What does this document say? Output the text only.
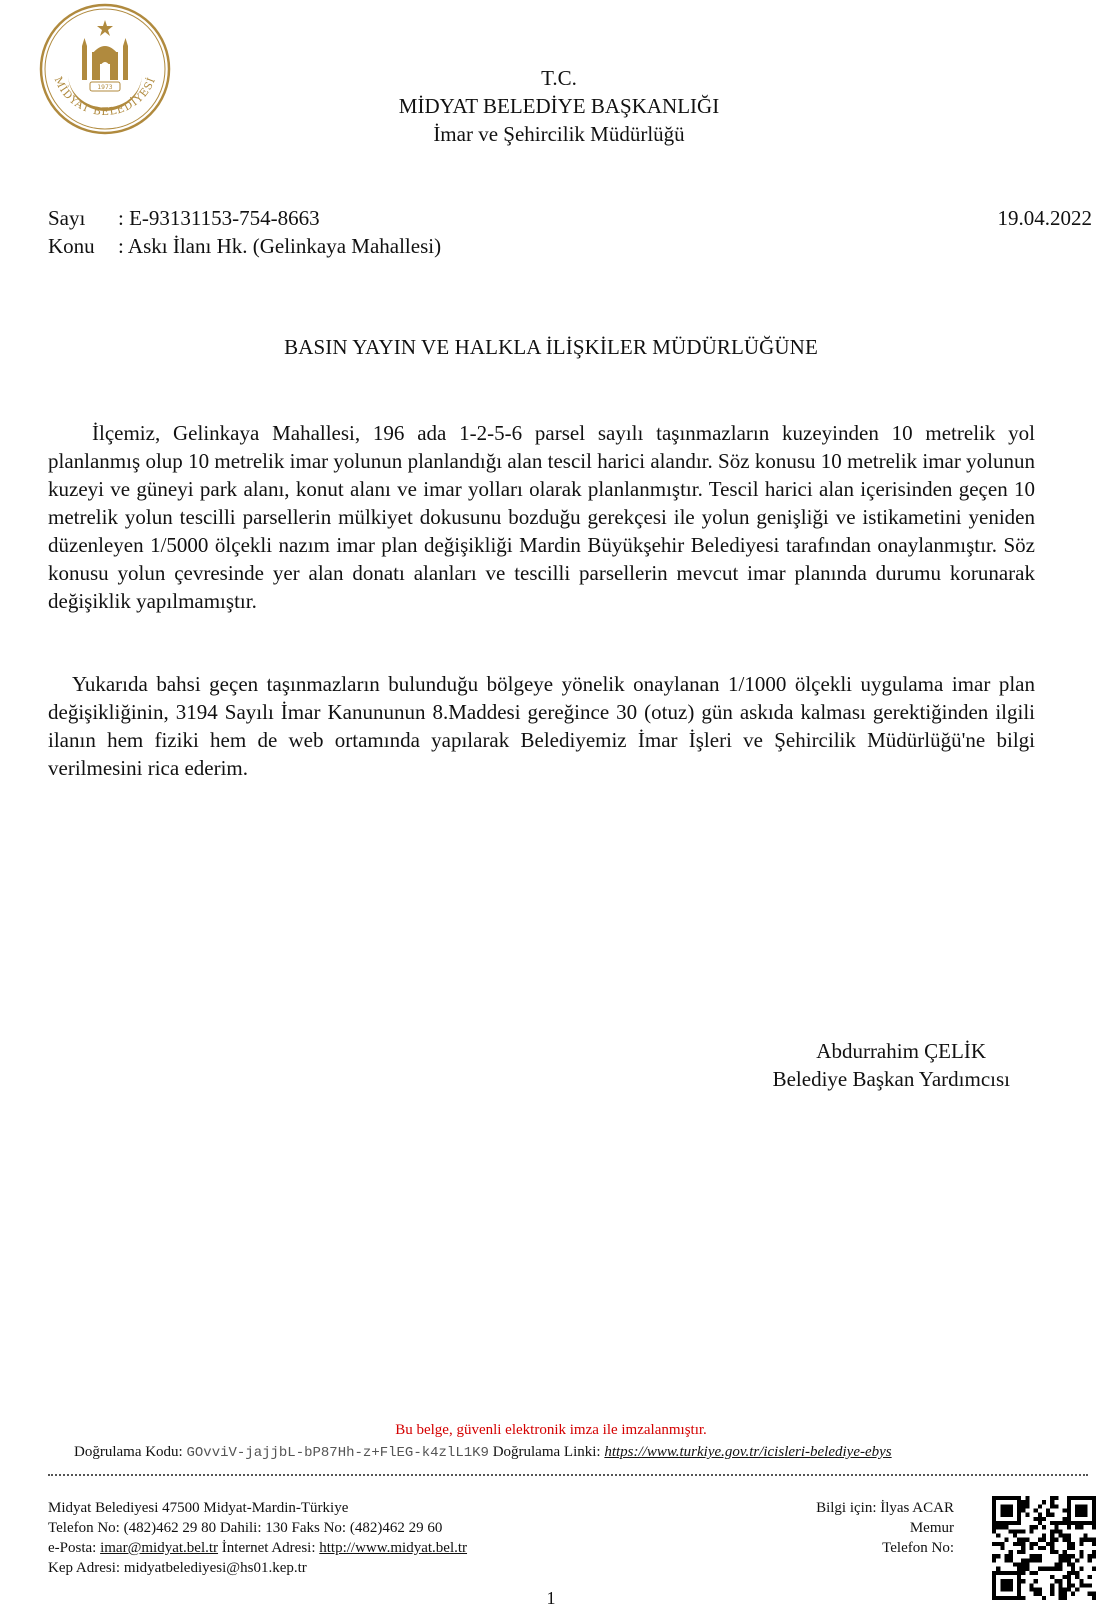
1973
MİDYAT BELEDİYESİ	T.C.
MİDYAT BELEDİYE BAŞKANLIĞI
İmar ve Şehircilik Müdürlüğü
Sayı : E-93131153-754-8663
Konu : Askı İlanı Hk. (Gelinkaya Mahallesi)
19.04.2022
BASIN YAYIN VE HALKLA İLİŞKİLER MÜDÜRLÜĞÜNE
İlçemiz, Gelinkaya Mahallesi, 196 ada 1-2-5-6 parsel sayılı taşınmazların kuzeyinden 10 metrelik yol planlanmış olup 10 metrelik imar yolunun planlandığı alan tescil harici alandır. Söz konusu 10 metrelik imar yolunun kuzeyi ve güneyi park alanı, konut alanı ve imar yolları olarak planlanmıştır. Tescil harici alan içerisinden geçen 10 metrelik yolun tescilli parsellerin mülkiyet dokusunu bozduğu gerekçesi ile yolun genişliği ve istikametini yeniden düzenleyen 1/5000 ölçekli nazım imar plan değişikliği Mardin Büyükşehir Belediyesi tarafından onaylanmıştır. Söz konusu yolun çevresinde yer alan donatı alanları ve tescilli parsellerin mevcut imar planında durumu korunarak değişiklik yapılmamıştır.
Yukarıda bahsi geçen taşınmazların bulunduğu bölgeye yönelik onaylanan 1/1000 ölçekli uygulama imar plan değişikliğinin, 3194 Sayılı İmar Kanununun 8.Maddesi gereğince 30 (otuz) gün askıda kalması gerektiğinden ilgili ilanın hem fiziki hem de web ortamında yapılarak Belediyemiz İmar İşleri ve Şehircilik Müdürlüğü'ne bilgi verilmesini rica ederim.
Abdurrahim ÇELİK
Belediye Başkan Yardımcısı
Bu belge, güvenli elektronik imza ile imzalanmıştır.
Doğrulama Kodu: GOvviV-jajjbL-bP87Hh-z+FlEG-k4zlL1K9 Doğrulama Linki: https://www.turkiye.gov.tr/icisleri-belediye-ebys
Midyat Belediyesi 47500 Midyat-Mardin-Türkiye
Telefon No: (482)462 29 80 Dahili: 130 Faks No: (482)462 29 60
e-Posta: imar@midyat.bel.tr İnternet Adresi: http://www.midyat.bel.tr
Kep Adresi: midyatbelediyesi@hs01.kep.tr
Bilgi için: İlyas ACAR
Memur
Telefon No:
1
